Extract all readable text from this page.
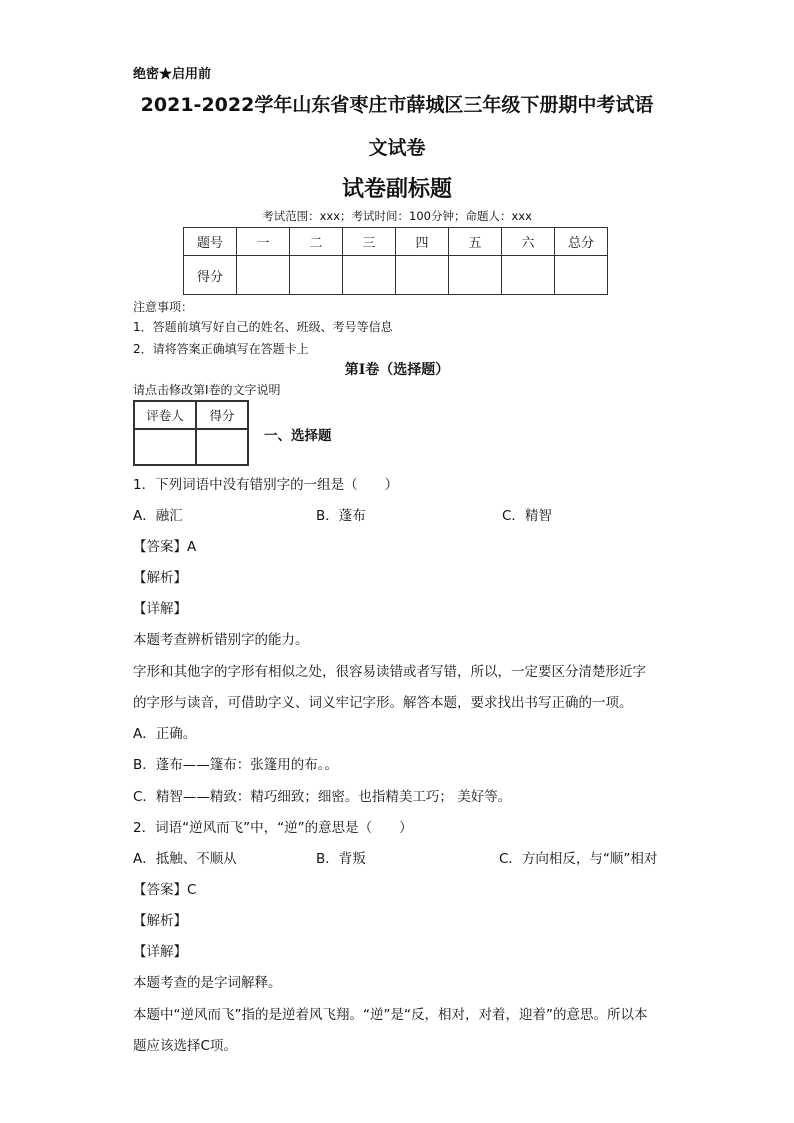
绝密★启用前
2021-2022学年山东省枣庄市薛城区三年级下册期中考试语
文试卷
试卷副标题
考试范围：xxx；考试时间：100分钟；命题人：xxx
题号	一	二	三	四	五	六	总分
得分							
注意事项：
1．答题前填写好自己的姓名、班级、考号等信息
2．请将答案正确填写在答题卡上
第I卷（选择题）
请点击修改第I卷的文字说明
评卷人	得分

一、选择题
1．下列词语中没有错别字的一组是（　　）
A．融汇	B．蓬布	C．精智
【答案】A
【解析】
【详解】
本题考查辨析错别字的能力。
字形和其他字的字形有相似之处，很容易读错或者写错，所以，一定要区分清楚形近字
的字形与读音，可借助字义、词义牢记字形。解答本题，要求找出书写正确的一项。
A．正确。
B．蓬布——篷布：张篷用的布。。
C．精智——精致：精巧细致；细密。也指精美工巧； 美好等。
2．词语“逆风而飞”中，“逆”的意思是（　　）
A．抵触、不顺从	B．背叛	C．方向相反，与“顺”相对
【答案】C
【解析】
【详解】
本题考查的是字词解释。
本题中“逆风而飞”指的是逆着风飞翔。“逆”是“反，相对，对着，迎着”的意思。所以本
题应该选择C项。
